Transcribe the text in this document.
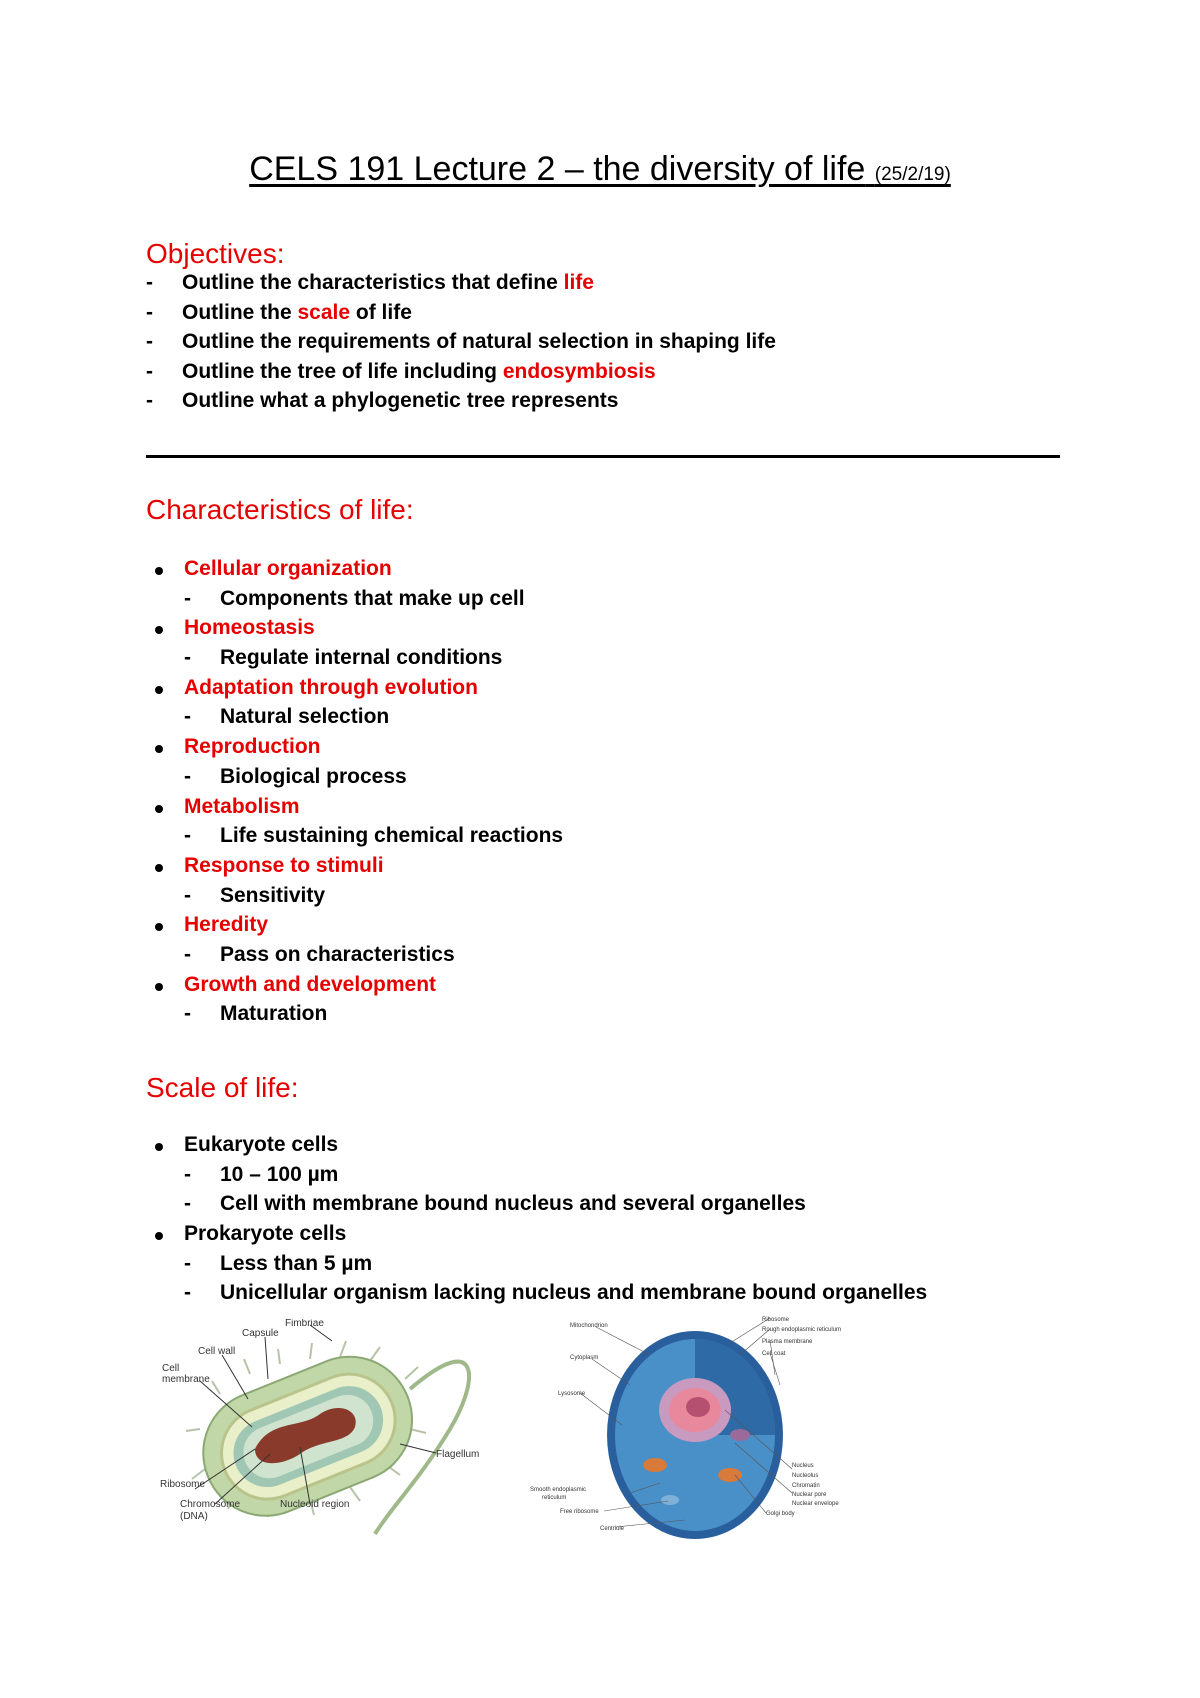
CELS 191 Lecture 2 – the diversity of life (25/2/19)
Objectives:
- Outline the characteristics that define life
- Outline the scale of life
- Outline the requirements of natural selection in shaping life
- Outline the tree of life including endosymbiosis
- Outline what a phylogenetic tree represents
Characteristics of life:
Cellular organization
- Components that make up cell
Homeostasis
- Regulate internal conditions
Adaptation through evolution
- Natural selection
Reproduction
- Biological process
Metabolism
- Life sustaining chemical reactions
Response to stimuli
- Sensitivity
Heredity
- Pass on characteristics
Growth and development
- Maturation
Scale of life:
Eukaryote cells
- 10 – 100 µm
- Cell with membrane bound nucleus and several organelles
Prokaryote cells
- Less than 5 µm
- Unicellular organism lacking nucleus and membrane bound organelles
Fimbriae
Capsule
Cell wall
Cell
membrane
Flagellum
Ribosome
Chromosome
(DNA)
Nucleoid region
Mitochondrion
Ribosome
Rough endoplasmic reticulum
Plasma membrane
Cell coat
Cytoplasm
Lysosome
Nucleus
Nucleolus
Chromatin
Nuclear pore
Nuclear envelope
Golgi body
Smooth endoplasmic
reticulum
Free ribosome
Centriole
